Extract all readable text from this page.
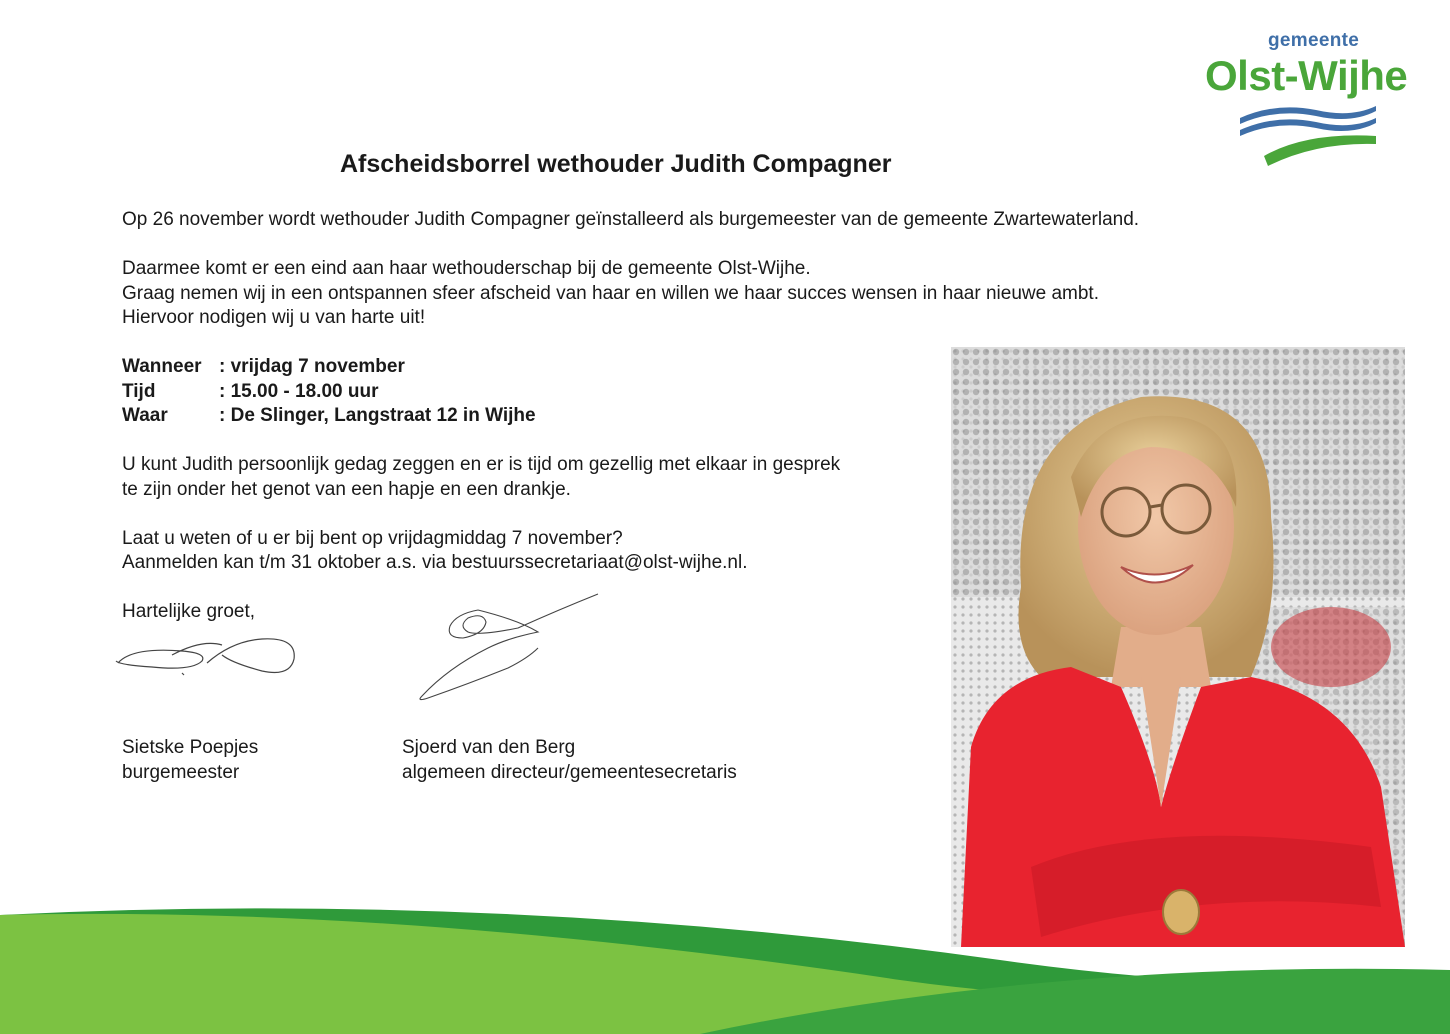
gemeente
Olst-Wijhe
Afscheidsborrel wethouder Judith Compagner

Op 26 november wordt wethouder Judith Compagner geïnstalleerd als burgemeester van de gemeente Zwartewaterland.

Daarmee komt er een eind aan haar wethouderschap bij de gemeente Olst-Wijhe.

Graag nemen wij in een ontspannen sfeer afscheid van haar en willen we haar succes wensen in haar nieuwe ambt.

Hiervoor nodigen wij u van harte uit!

Wanneer : vrijdag 7 november
Tijd	: 15.00 - 18.00 uur
Waar	: De Slinger, Langstraat 12 in Wijhe

U kunt Judith persoonlijk gedag zeggen en er is tijd om gezellig met elkaar in gesprek

te zijn onder het genot van een hapje en een drankje.

Laat u weten of u er bij bent op vrijdagmiddag 7 november?

Aanmelden kan t/m 31 oktober a.s. via bestuurssecretariaat@olst-wijhe.nl.

Hartelijke groet,

Sietske Poepjes
burgemeester
Sjoerd van den Berg
algemeen directeur/gemeentesecretaris
